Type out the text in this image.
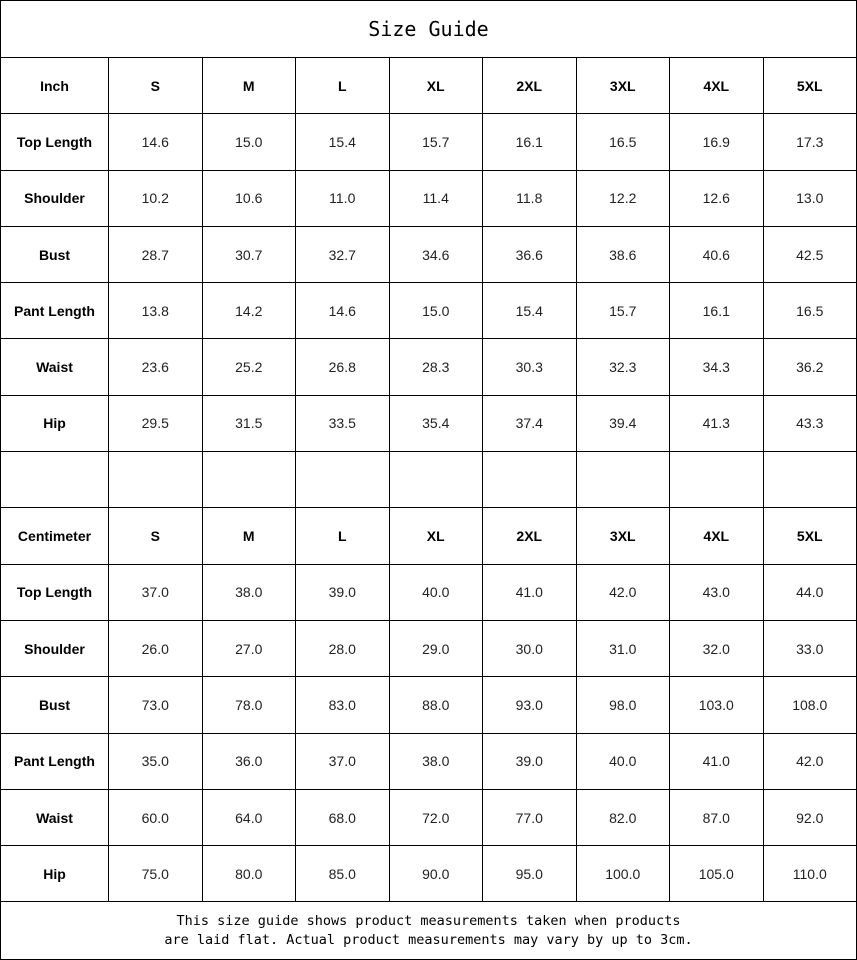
Size Guide
Inch	S	M	L	XL	2XL	3XL	4XL	5XL
Top Length	14.6	15.0	15.4	15.7	16.1	16.5	16.9	17.3
Shoulder	10.2	10.6	11.0	11.4	11.8	12.2	12.6	13.0
Bust	28.7	30.7	32.7	34.6	36.6	38.6	40.6	42.5
Pant Length	13.8	14.2	14.6	15.0	15.4	15.7	16.1	16.5
Waist	23.6	25.2	26.8	28.3	30.3	32.3	34.3	36.2
Hip	29.5	31.5	33.5	35.4	37.4	39.4	41.3	43.3

Centimeter	S	M	L	XL	2XL	3XL	4XL	5XL
Top Length	37.0	38.0	39.0	40.0	41.0	42.0	43.0	44.0
Shoulder	26.0	27.0	28.0	29.0	30.0	31.0	32.0	33.0
Bust	73.0	78.0	83.0	88.0	93.0	98.0	103.0	108.0
Pant Length	35.0	36.0	37.0	38.0	39.0	40.0	41.0	42.0
Waist	60.0	64.0	68.0	72.0	77.0	82.0	87.0	92.0
Hip	75.0	80.0	85.0	90.0	95.0	100.0	105.0	110.0
This size guide shows product measurements taken when products
are laid flat. Actual product measurements may vary by up to 3cm.
